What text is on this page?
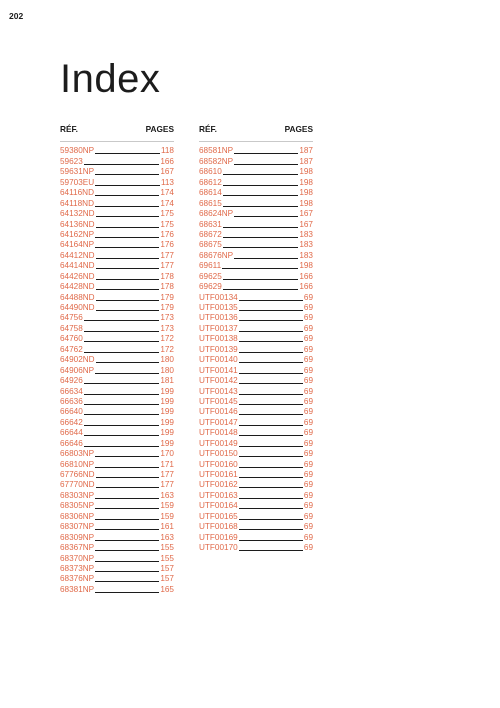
202
Index
RÉF.	PAGES
59380NP	118
59623	166
59631NP	167
59703EU	113
64116ND	174
64118ND	174
64132ND	175
64136ND	175
64162NP	176
64164NP	176
64412ND	177
64414ND	177
64426ND	178
64428ND	178
64488ND	179
64490ND	179
64756	173
64758	173
64760	172
64762	172
64902ND	180
64906NP	180
64926	181
66634	199
66636	199
66640	199
66642	199
66644	199
66646	199
66803NP	170
66810NP	171
67766ND	177
67770ND	177
68303NP	163
68305NP	159
68306NP	159
68307NP	161
68309NP	163
68367NP	155
68370NP	155
68373NP	157
68376NP	157
68381NP	165
RÉF.	PAGES
68581NP	187
68582NP	187
68610	198
68612	198
68614	198
68615	198
68624NP	167
68631	167
68672	183
68675	183
68676NP	183
69611	198
69625	166
69629	166
UTF00134	69
UTF00135	69
UTF00136	69
UTF00137	69
UTF00138	69
UTF00139	69
UTF00140	69
UTF00141	69
UTF00142	69
UTF00143	69
UTF00145	69
UTF00146	69
UTF00147	69
UTF00148	69
UTF00149	69
UTF00150	69
UTF00160	69
UTF00161	69
UTF00162	69
UTF00163	69
UTF00164	69
UTF00165	69
UTF00168	69
UTF00169	69
UTF00170	69
